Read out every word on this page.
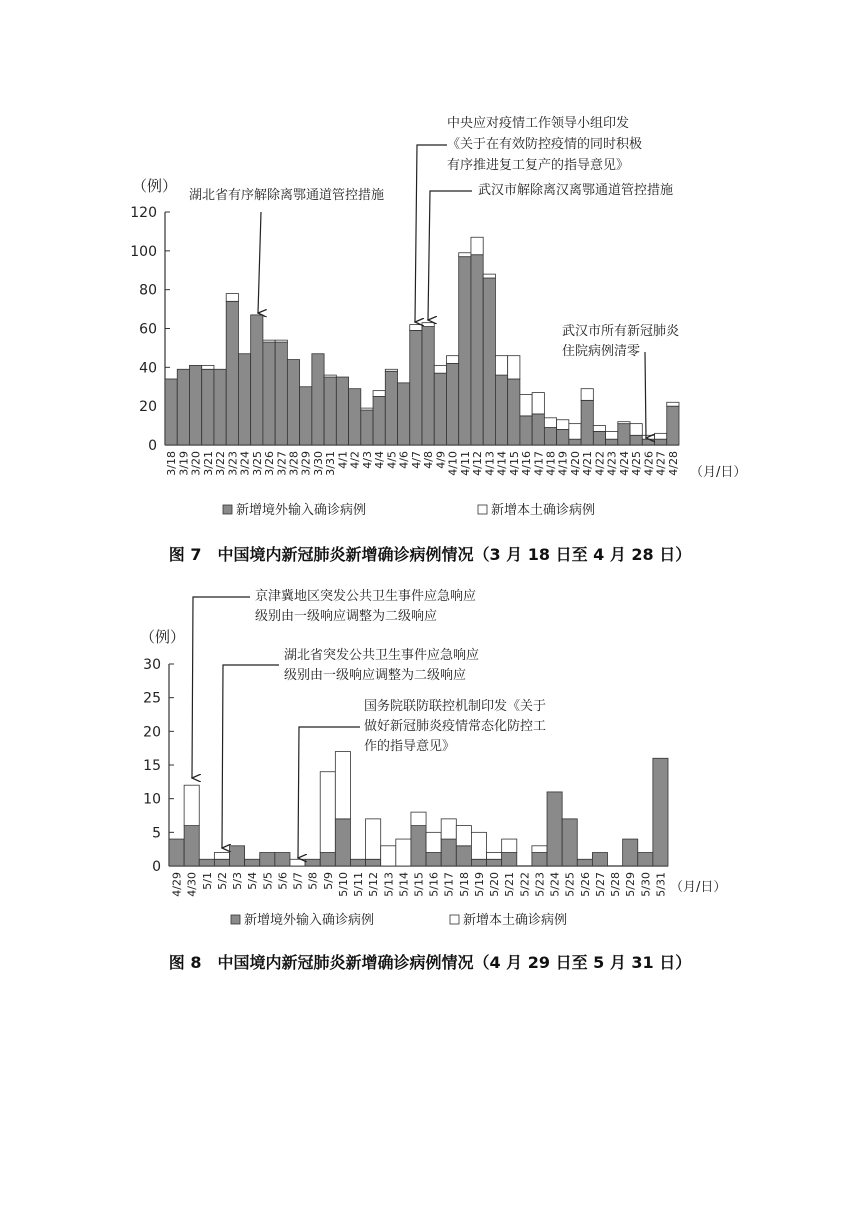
（例）
（月/日）
新增境外输入确诊病例	新增本土确诊病例
图 7　中国境内新冠肺炎新增确诊病例情况（3 月 18 日至 4 月 28 日）
0
20
40
60
80
100
120
3/18 3/19 3/20 3/21 3/22 3/23 3/24 3/25 3/26 3/27 3/28 3/29 3/30 3/31 4/1 4/2 4/3 4/4 4/5 4/6 4/7 4/8 4/9 4/10 4/11 4/12 4/13 4/14 4/15 4/16 4/17 4/18 4/19 4/20 4/21 4/22 4/23 4/24 4/25 4/26 4/27 4/28
湖北省有序解除离鄂通道管控措施
中央应对疫情工作领导小组印发
《关于在有效防控疫情的同时积极
有序推进复工复产的指导意见》
武汉市解除离汉离鄂通道管控措施
武汉市所有新冠肺炎
住院病例清零
（例）
（月/日）
新增境外输入确诊病例	新增本土确诊病例
图 8　中国境内新冠肺炎新增确诊病例情况（4 月 29 日至 5 月 31 日）
0
5
10
15
20
25
30
4/29 4/30 5/1 5/2 5/3 5/4 5/5 5/6 5/7 5/8 5/9 5/10 5/11 5/12 5/13 5/14 5/15 5/16 5/17 5/18 5/19 5/20 5/21 5/22 5/23 5/24 5/25 5/26 5/27 5/28 5/29 5/30 5/31
京津冀地区突发公共卫生事件应急响应
级别由一级响应调整为二级响应
湖北省突发公共卫生事件应急响应
级别由一级响应调整为二级响应
国务院联防联控机制印发《关于
做好新冠肺炎疫情常态化防控工
作的指导意见》
